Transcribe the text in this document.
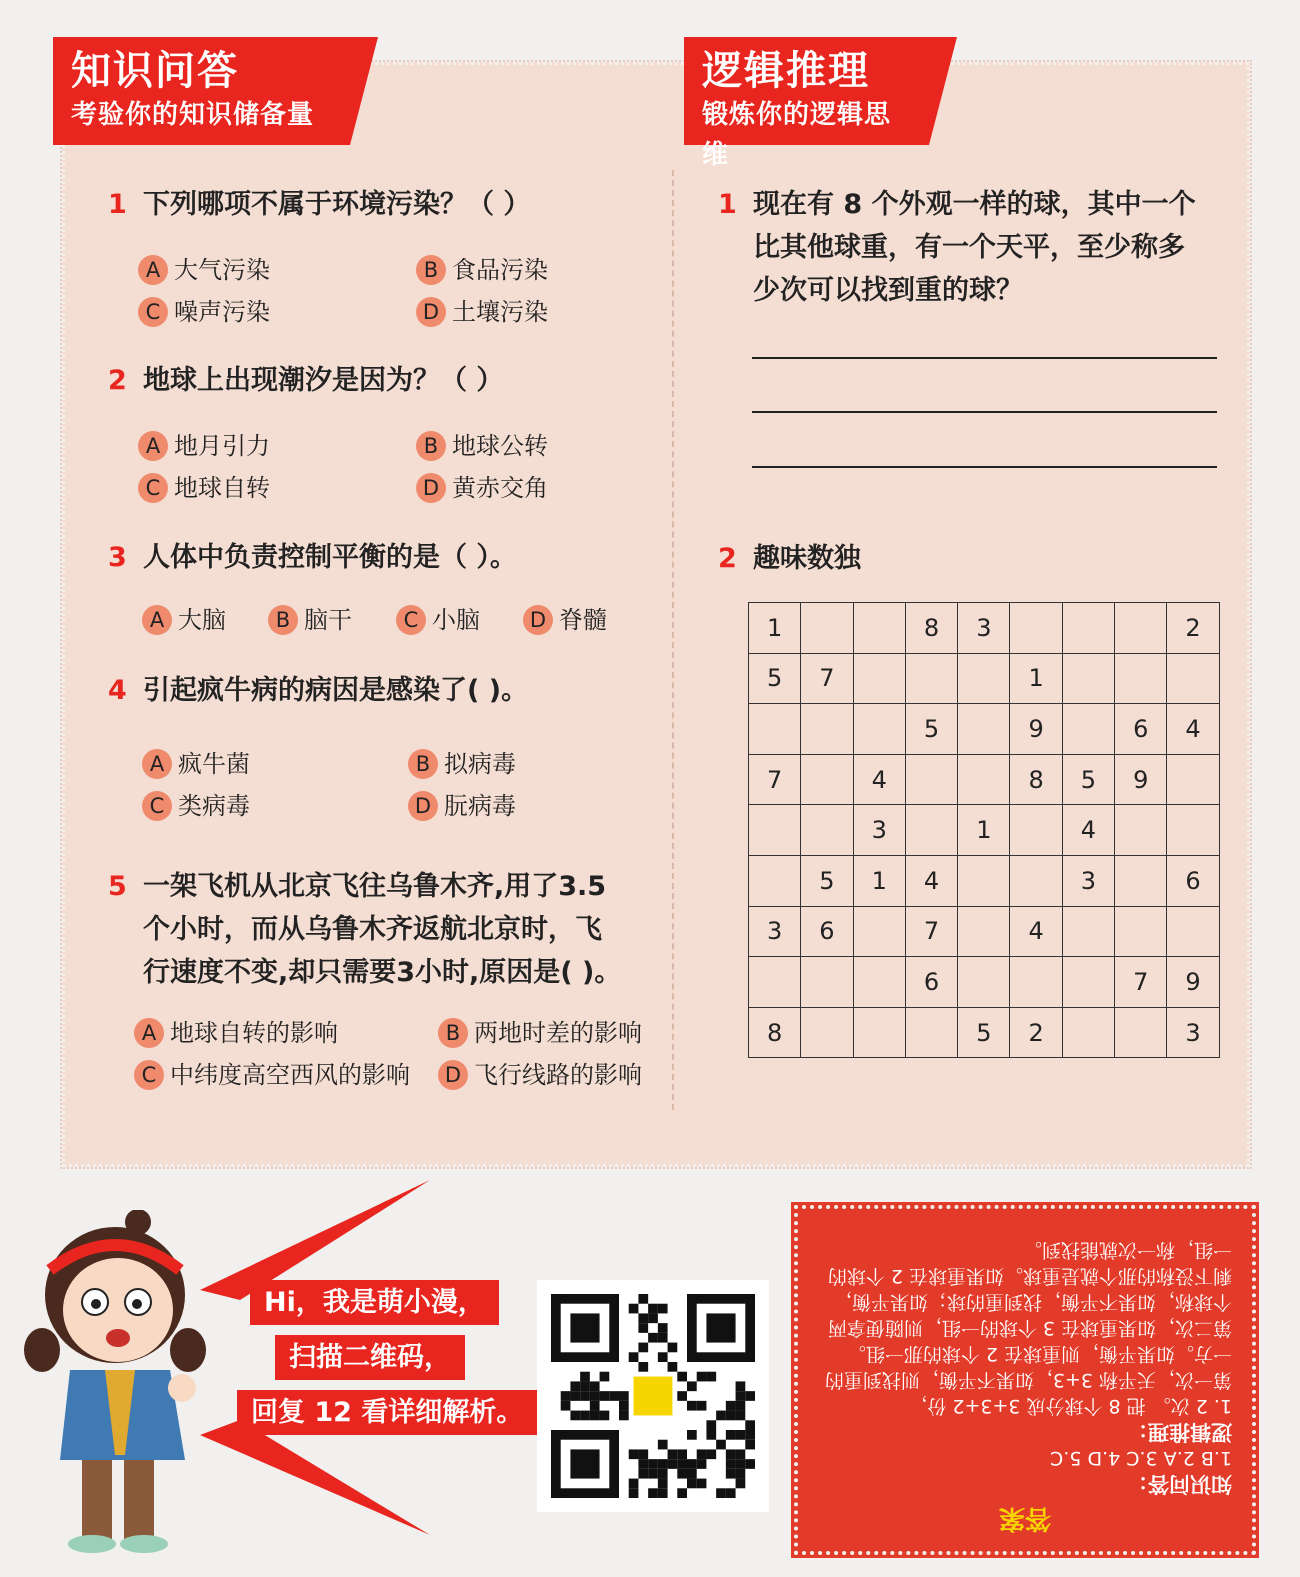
知识问答
考验你的知识储备量
逻辑推理
锻炼你的逻辑思维
1 下列哪项不属于环境污染？（ ）
A 大气污染	B 食品污染
C 噪声污染	D 土壤污染
2 地球上出现潮汐是因为？（ ）
A 地月引力	B 地球公转
C 地球自转	D 黄赤交角
3 人体中负责控制平衡的是（ ）。
A 大脑	B 脑干	C 小脑	D 脊髓
4 引起疯牛病的病因是感染了( )。
A 疯牛菌	B 拟病毒
C 类病毒	D 朊病毒
5 一架飞机从北京飞往乌鲁木齐,用了3.5
个小时，而从乌鲁木齐返航北京时，飞
行速度不变,却只需要3小时,原因是( )。
A 地球自转的影响	B 两地时差的影响
C 中纬度高空西风的影响	D 飞行线路的影响
1 现在有 8 个外观一样的球，其中一个
比其他球重，有一个天平，至少称多
少次可以找到重的球？
2 趣味数独
1			8	3				2
5	7				1			
			5		9		6	4
7		4			8	5	9	
		3		1		4		
	5	1	4			3		6
3	6		7		4			
			6				7	9
8				5	2			3
Hi，我是萌小漫，
扫描二维码，
回复 12 看详细解析。
答案
知识问答：
1.B 2.A 3.C 4.D 5.C
逻辑推理：
1. 2 次。 把 8 个球分成 3+3+2 份，
第一次，天平称 3+3，如果不平衡，则找到重的
一方。如果平衡，则重球在 2 个球的那一组。
第二次，如果重球在 3 个球的一组，则随便拿两
个球称，如果不平衡，找到重的球；如果平衡，
剩下没称的那个就是重球。如果重球在 2 个球的
一组，称一次就能找到。
